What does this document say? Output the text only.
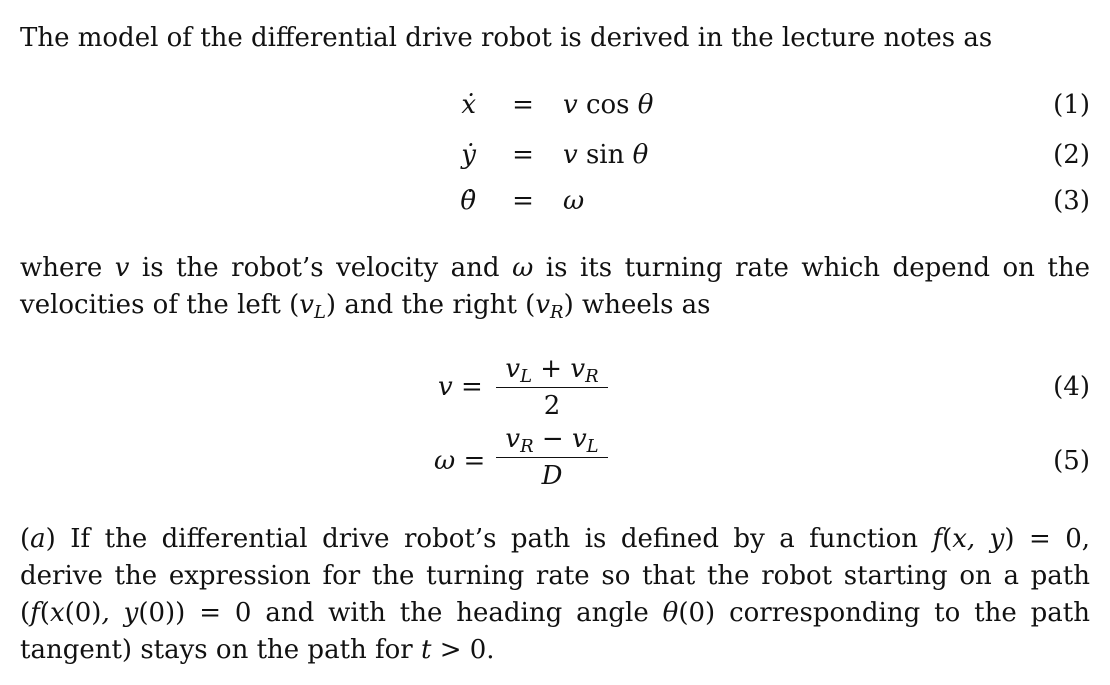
The model of the differential drive robot is derived in the lecture notes as
ẋ	=	v cos θ	(1)
ẏ	=	v sin θ	(2)
θ̇	=	ω	(3)
where v is the robot’s velocity and ω is its turning rate which depend on the
velocities of the left $(v_L)$ and the right $(v_R)$ wheels as
v =
$v_L + v_R$
2
(4)
ω =
$v_R - v_L$
D	(5)
(a) If the differential drive robot’s path is defined by a function f(x, y) = 0,
derive the expression for the turning rate so that the robot starting on a path
(f(x(0), y(0)) = 0 and with the heading angle θ(0) corresponding to the path
tangent) stays on the path for t > 0.
